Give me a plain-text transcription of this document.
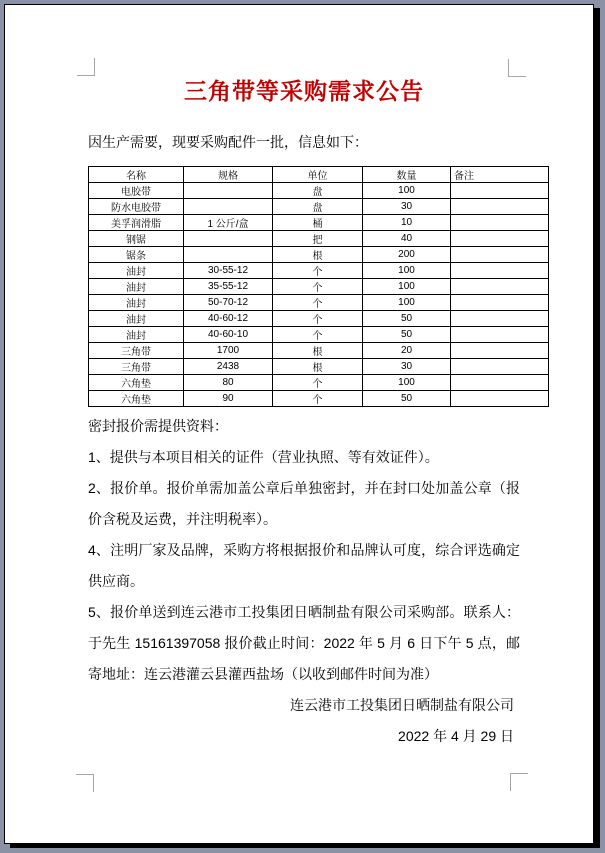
三角带等采购需求公告

因生产需要，现要采购配件一批，信息如下：

名称	规格	单位	数量	备注
电胶带		盘	100	
防水电胶带		盘	30	
美孚润滑脂	1 公斤/盒	桶	10	
钢锯		把	40	
锯条		根	200	
油封	30-55-12	个	100	
油封	35-55-12	个	100	
油封	50-70-12	个	100	
油封	40-60-12	个	50	
油封	40-60-10	个	50	
三角带	1700	根	20	
三角带	2438	根	30	
六角垫	80	个	100	
六角垫	90	个	50	

密封报价需提供资料：

1、提供与本项目相关的证件（营业执照、等有效证件）。

2、报价单。报价单需加盖公章后单独密封，并在封口处加盖公章（报价含税及运费，并注明税率）。

4、注明厂家及品牌，采购方将根据报价和品牌认可度，综合评选确定供应商。

5、报价单送到连云港市工投集团日晒制盐有限公司采购部。联系人：于先生 15161397058 报价截止时间：2022 年 5 月 6 日下午 5 点，邮寄地址：连云港灌云县灌西盐场（以收到邮件时间为准）

连云港市工投集团日晒制盐有限公司

2022 年 4 月 29 日
